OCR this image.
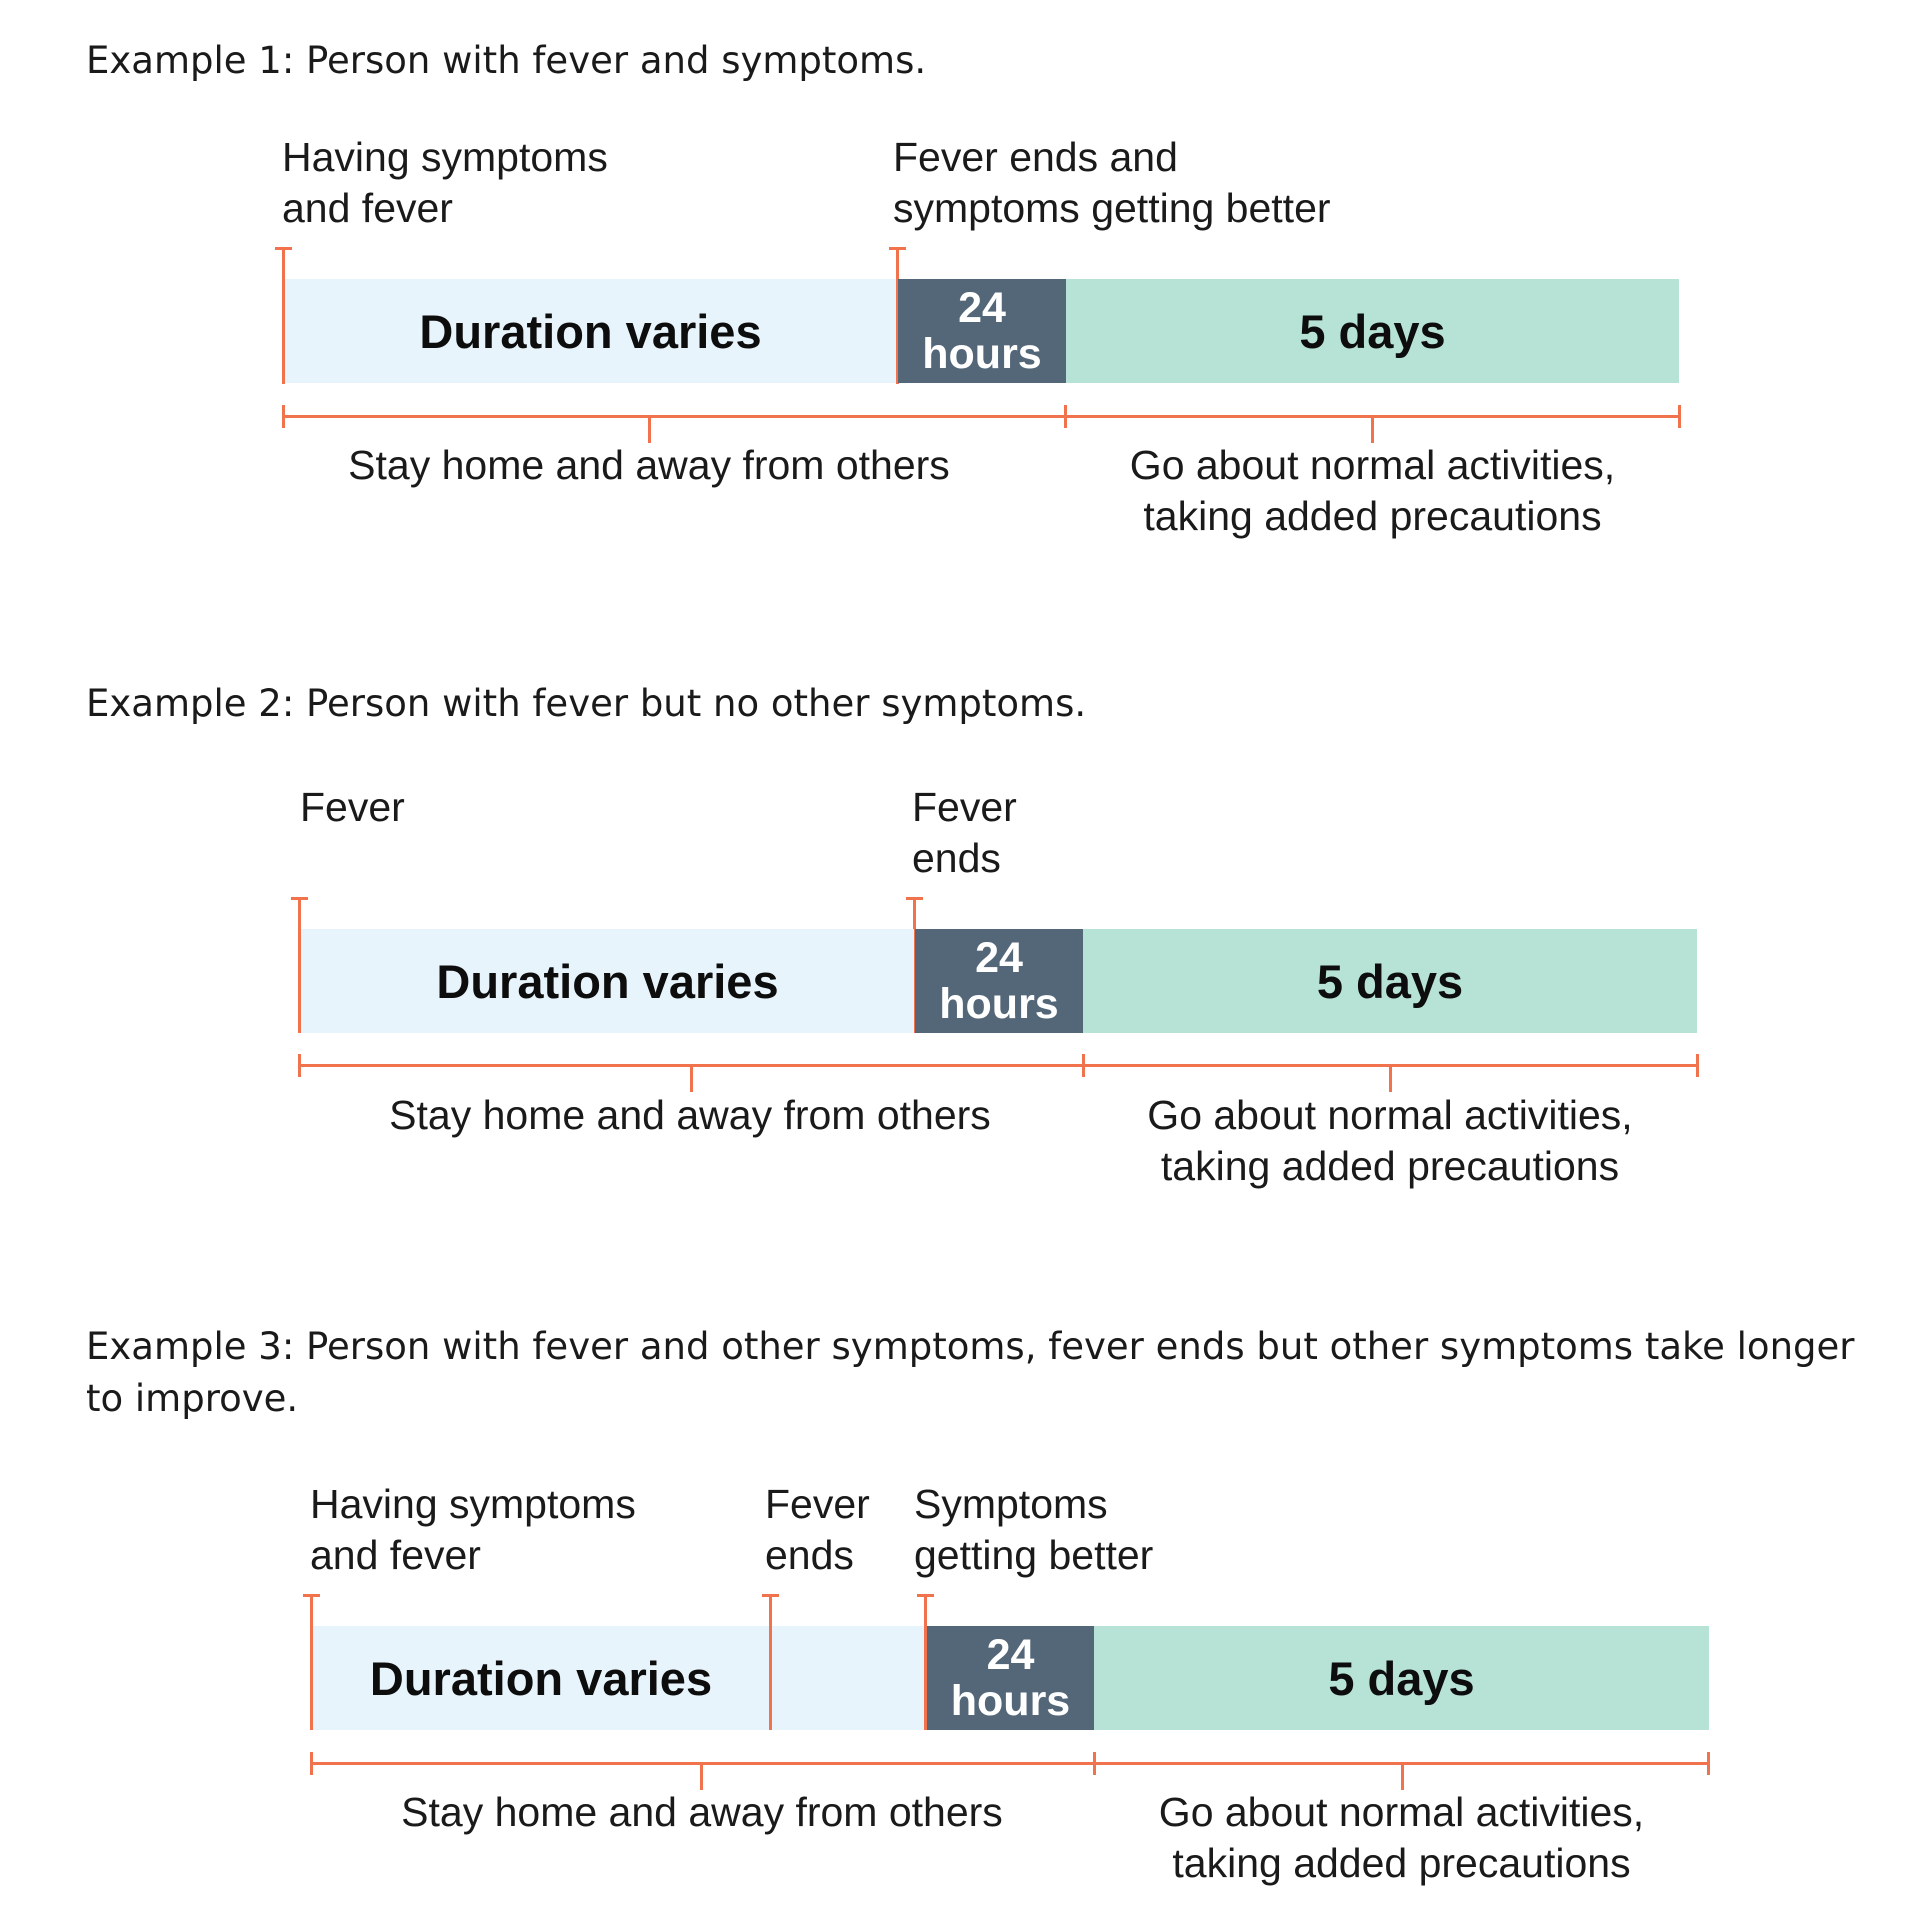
Example 1: Person with fever and symptoms.
Having symptoms
and fever
Fever ends and
symptoms getting better
Duration varies	24
hours	5 days
Stay home and away from others	Go about normal activities,
taking added precautions
Example 2: Person with fever but no other symptoms.
Fever	Fever
ends
Duration varies	24
hours	5 days
Stay home and away from others	Go about normal activities,
taking added precautions
Example 3: Person with fever and other symptoms, fever ends but other symptoms take longer to improve.
Having symptoms
and fever
Fever
ends
Symptoms
getting better
Duration varies	24
hours	5 days
Stay home and away from others	Go about normal activities,
taking added precautions
